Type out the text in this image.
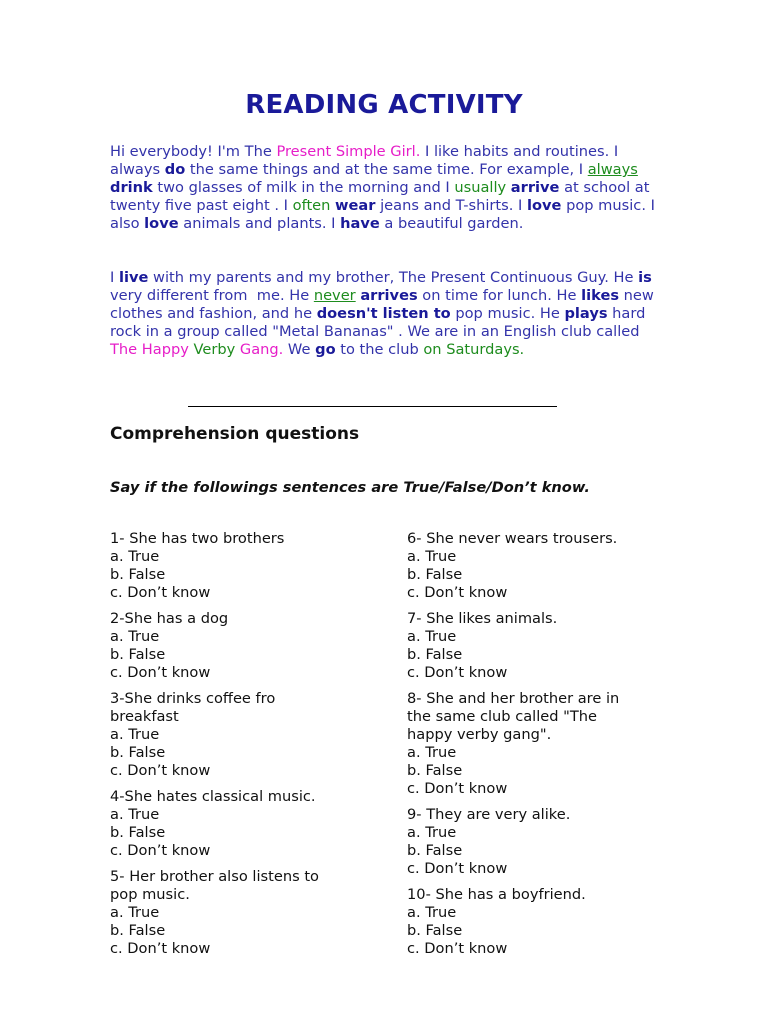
READING ACTIVITY
Hi everybody! I'm The Present Simple Girl. I like habits and routines. I always do the same things and at the same time. For example, I always drink two glasses of milk in the morning and I usually arrive at school at twenty five past eight . I often wear jeans and T-shirts. I love pop music. I also love animals and plants. I have a beautiful garden.
I live with my parents and my brother, The Present Continuous Guy. He is very different from  me. He never arrives on time for lunch. He likes new clothes and fashion, and he doesn't listen to pop music. He plays hard rock in a group called "Metal Bananas" . We are in an English club called The Happy Verby Gang. We go to the club on Saturdays.
Comprehension questions
Say if the followings sentences are True/False/Don’t know.
1- She has two brothers
a. True
b. False
c. Don’t know
2-She has a dog
a. True
b. False
c. Don’t know
3-She drinks coffee fro
breakfast
a. True
b. False
c. Don’t know
4-She hates classical music.
a. True
b. False
c. Don’t know
5- Her brother also listens to
pop music.
a. True
b. False
c. Don’t know
6- She never wears trousers.
a. True
b. False
c. Don’t know
7- She likes animals.
a. True
b. False
c. Don’t know
8- She and her brother are in
the same club called "The
happy verby gang".
a. True
b. False
c. Don’t know
9- They are very alike.
a. True
b. False
c. Don’t know
10- She has a boyfriend.
a. True
b. False
c. Don’t know
